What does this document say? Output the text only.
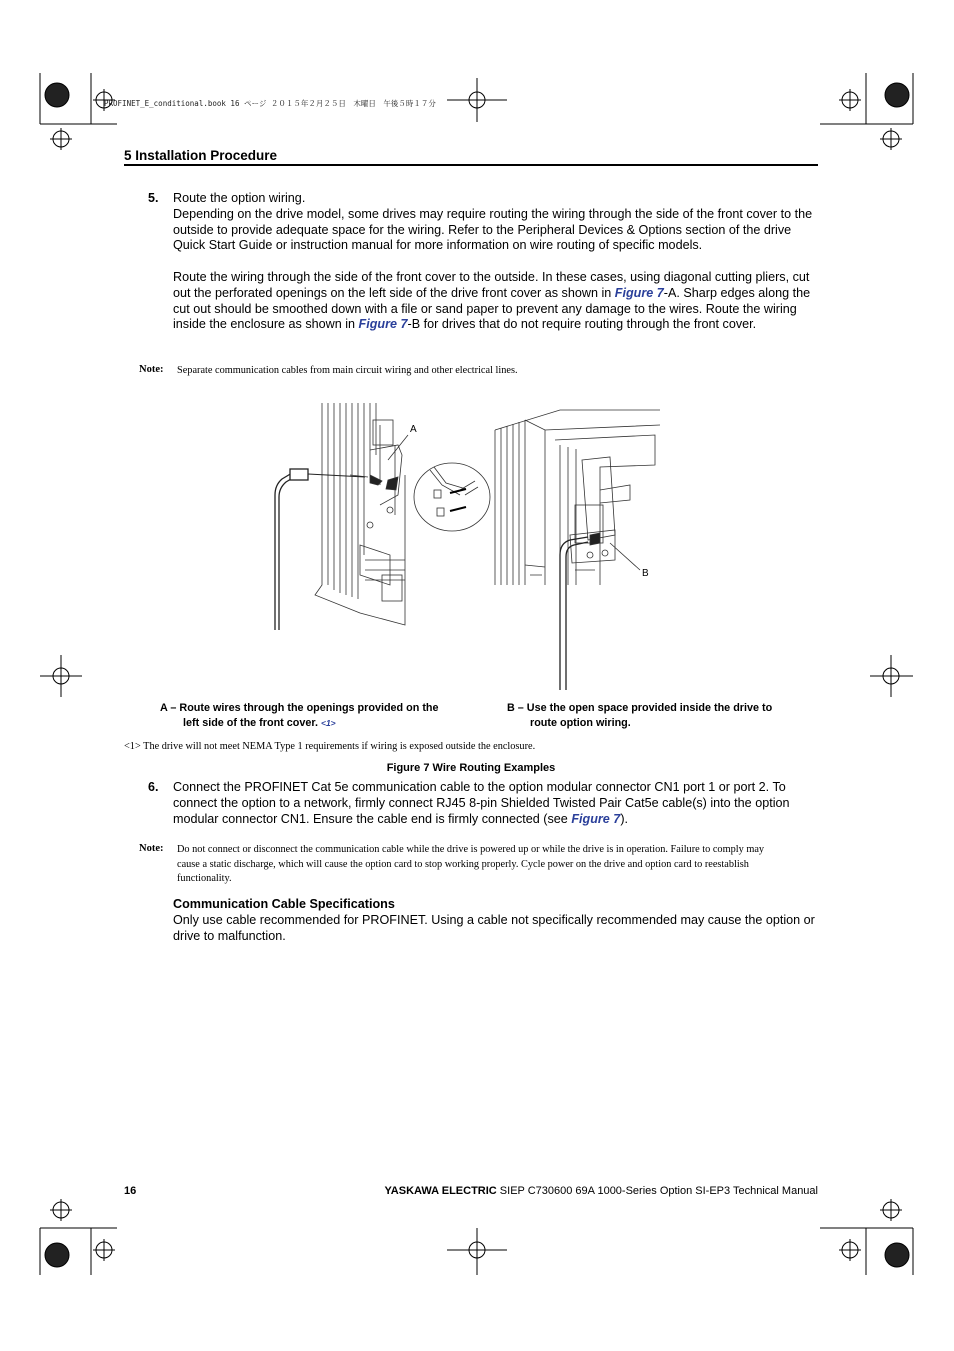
PROFINET_E_conditional.book 16 ページ ２０１５年２月２５日　木曜日　午後５時１７分
5 Installation Procedure
5. Route the option wiring.
Depending on the drive model, some drives may require routing the wiring through the side of the front cover to the outside to provide adequate space for the wiring. Refer to the Peripheral Devices & Options section of the drive Quick Start Guide or instruction manual for more information on wire routing of specific models.
Route the wiring through the side of the front cover to the outside. In these cases, using diagonal cutting pliers, cut out the perforated openings on the left side of the drive front cover as shown in Figure 7-A. Sharp edges along the cut out should be smoothed down with a file or sand paper to prevent any damage to the wires. Route the wiring inside the enclosure as shown in Figure 7-B for drives that do not require routing through the front cover.
Note: Separate communication cables from main circuit wiring and other electrical lines.
A
B
A – Route wires through the openings provided on the
left side of the front cover. <1>
B – Use the open space provided inside the drive to
route option wiring.
<1> The drive will not meet NEMA Type 1 requirements if wiring is exposed outside the enclosure.
Figure 7 Wire Routing Examples
6. Connect the PROFINET Cat 5e communication cable to the option modular connector CN1 port 1 or port 2. To connect the option to a network, firmly connect RJ45 8-pin Shielded Twisted Pair Cat5e cable(s) into the option modular connector CN1. Ensure the cable end is firmly connected (see Figure 7).
Note: Do not connect or disconnect the communication cable while the drive is powered up or while the drive is in operation. Failure to comply may cause a static discharge, which will cause the option card to stop working properly. Cycle power on the drive and option card to reestablish functionality.
Communication Cable Specifications
Only use cable recommended for PROFINET. Using a cable not specifically recommended may cause the option or drive to malfunction.
16	YASKAWA ELECTRIC SIEP C730600 69A 1000-Series Option SI-EP3 Technical Manual
